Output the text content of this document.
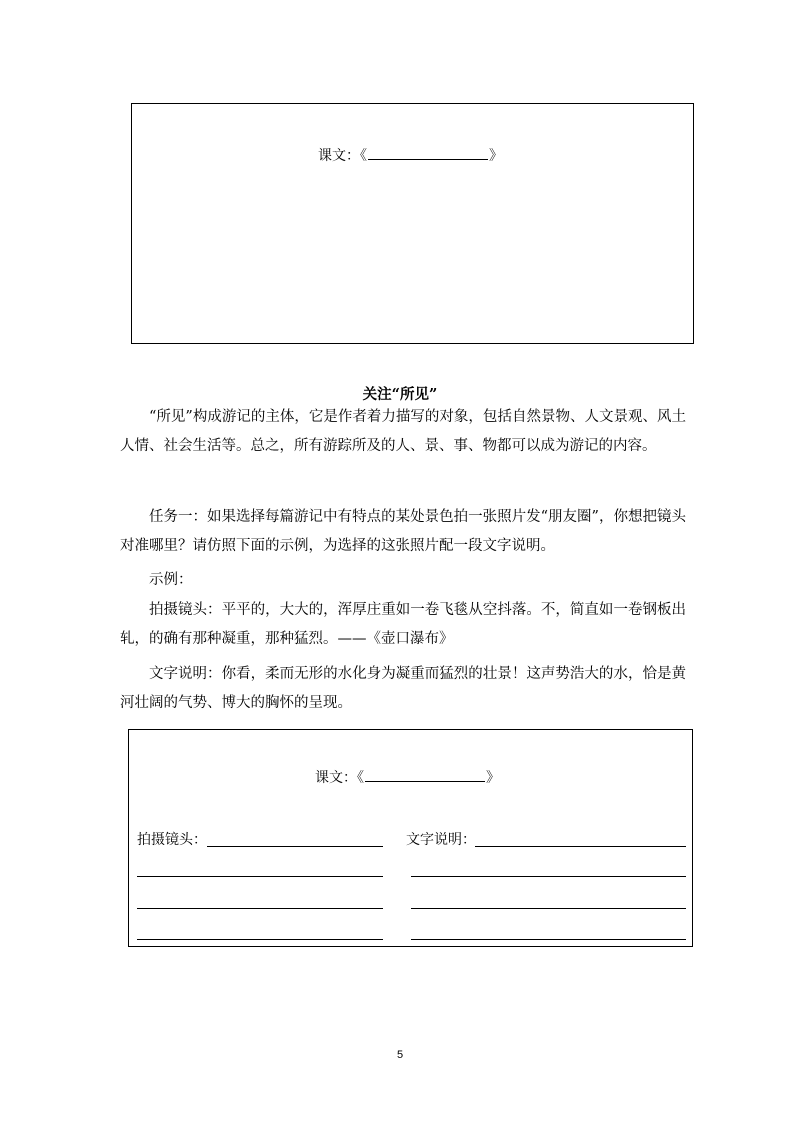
课文：《	》
关注“所见”
“所见”构成游记的主体，它是作者着力描写的对象，包括自然景物、人文景观、风土人情、社会生活等。总之，所有游踪所及的人、景、事、物都可以成为游记的内容。
任务一：如果选择每篇游记中有特点的某处景色拍一张照片发“朋友圈”，你想把镜头对准哪里？请仿照下面的示例，为选择的这张照片配一段文字说明。
示例：
拍摄镜头：平平的，大大的，浑厚庄重如一卷飞毯从空抖落。不，简直如一卷钢板出轧，的确有那种凝重，那种猛烈。——《壶口瀑布》
文字说明：你看，柔而无形的水化身为凝重而猛烈的壮景！这声势浩大的水，恰是黄河壮阔的气势、博大的胸怀的呈现。
课文：《	》
拍摄镜头：	文字说明：
5
